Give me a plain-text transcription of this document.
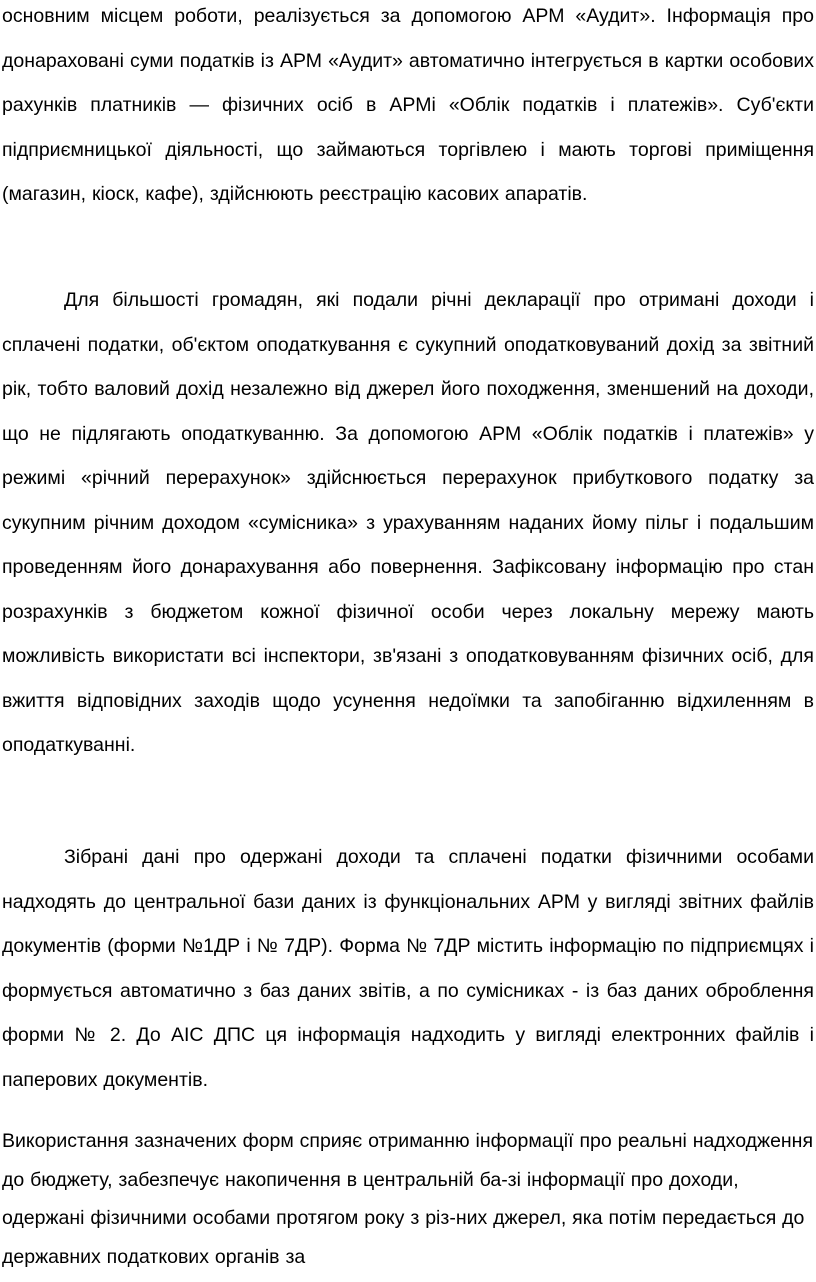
основним місцем роботи, реалізується за допомогою АРМ «Аудит». Інформація про донараховані суми податків із АРМ «Аудит» автоматично інтегрується в картки особових рахунків платників — фізичних осіб в АРМі «Облік податків і платежів». Суб'єкти підприємницької діяльності, що займаються торгівлею і мають торгові приміщення (магазин, кіоск, кафе), здійснюють реєстрацію касових апаратів.

Для більшості громадян, які подали річні декларації про отримані доходи і сплачені податки, об'єктом оподаткування є сукупний оподатковуваний дохід за звітний рік, тобто валовий дохід незалежно від джерел його походження, зменшений на доходи, що не підлягають оподаткуванню. За допомогою АРМ «Облік податків і платежів» у режимі «річний перерахунок» здійснюється перерахунок прибуткового податку за сукупним річним доходом «сумісника» з урахуванням наданих йому пільг і подальшим проведенням його донарахування або повернення. Зафіксовану інформацію про стан розрахунків з бюджетом кожної фізичної особи через локальну мережу мають можливість використати всі інспектори, зв'язані з оподатковуванням фізичних осіб, для вжиття відповідних заходів щодо усунення недоїмки та запобіганню відхиленням в оподаткуванні.

Зібрані дані про одержані доходи та сплачені податки фізичними особами надходять до центральної бази даних із функціональних АРМ у вигляді звітних файлів документів (форми №1ДР і № 7ДР). Форма № 7ДР містить інформацію по підприємцях і формується автоматично з баз даних звітів, а по сумісниках - із баз даних оброблення форми № 2. До АІС ДПС ця інформація надходить у вигляді електронних файлів і паперових документів.

Використання зазначених форм сприяє отриманню інформації про реальні надходження до бюджету, забезпечує накопичення в центральній ба-зі інформації про доходи, одержані фізичними особами протягом року з різ-них джерел, яка потім передається до державних податкових органів за
